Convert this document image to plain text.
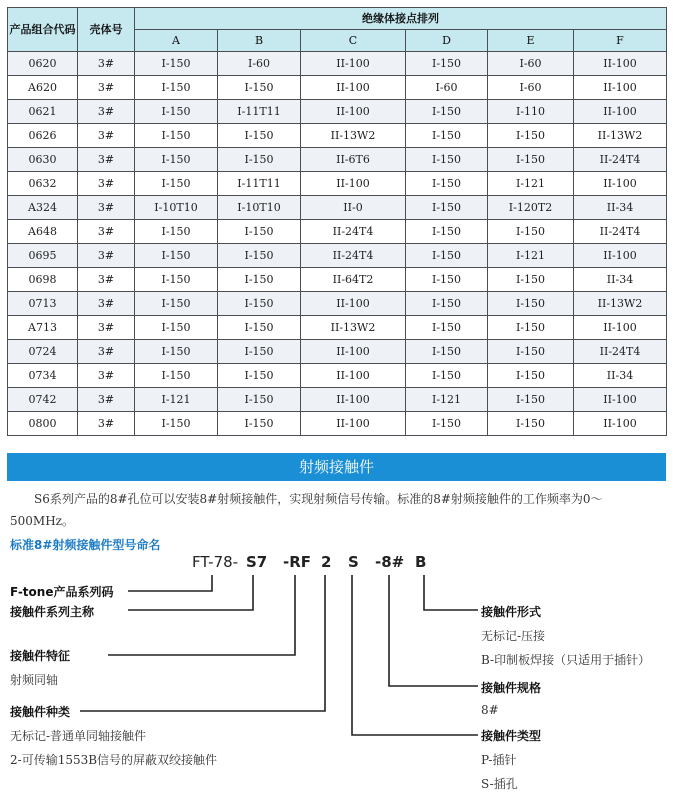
产品组合代码	壳体号	绝缘体接点排列					
		A	B	C	D	E	F
0620	3#	I-150	I-60	II-100	I-150	I-60	II-100
A620	3#	I-150	I-150	II-100	I-60	I-60	II-100
0621	3#	I-150	I-11T11	II-100	I-150	I-110	II-100
0626	3#	I-150	I-150	II-13W2	I-150	I-150	II-13W2
0630	3#	I-150	I-150	II-6T6	I-150	I-150	II-24T4
0632	3#	I-150	I-11T11	II-100	I-150	I-121	II-100
A324	3#	I-10T10	I-10T10	II-0	I-150	I-120T2	II-34
A648	3#	I-150	I-150	II-24T4	I-150	I-150	II-24T4
0695	3#	I-150	I-150	II-24T4	I-150	I-121	II-100
0698	3#	I-150	I-150	II-64T2	I-150	I-150	II-34
0713	3#	I-150	I-150	II-100	I-150	I-150	II-13W2
A713	3#	I-150	I-150	II-13W2	I-150	I-150	II-100
0724	3#	I-150	I-150	II-100	I-150	I-150	II-24T4
0734	3#	I-150	I-150	II-100	I-150	I-150	II-34
0742	3#	I-121	I-150	II-100	I-121	I-150	II-100
0800	3#	I-150	I-150	II-100	I-150	I-150	II-100
射频接触件
S6系列产品的8#孔位可以安装8#射频接触件，实现射频信号传输。标准的8#射频接触件的工作频率为0～500MHz。
标准8#射频接触件型号命名
FT-78- S7 -RF 2 S -8# B
F-tone产品系列码
接触件系列主称
接触件特征
射频同轴
接触件种类
无标记-普通单同轴接触件
2-可传输1553B信号的屏蔽双绞接触件
接触件形式
无标记-压接
B-印制板焊接（只适用于插针）
接触件规格
8#
接触件类型
P-插针
S-插孔
